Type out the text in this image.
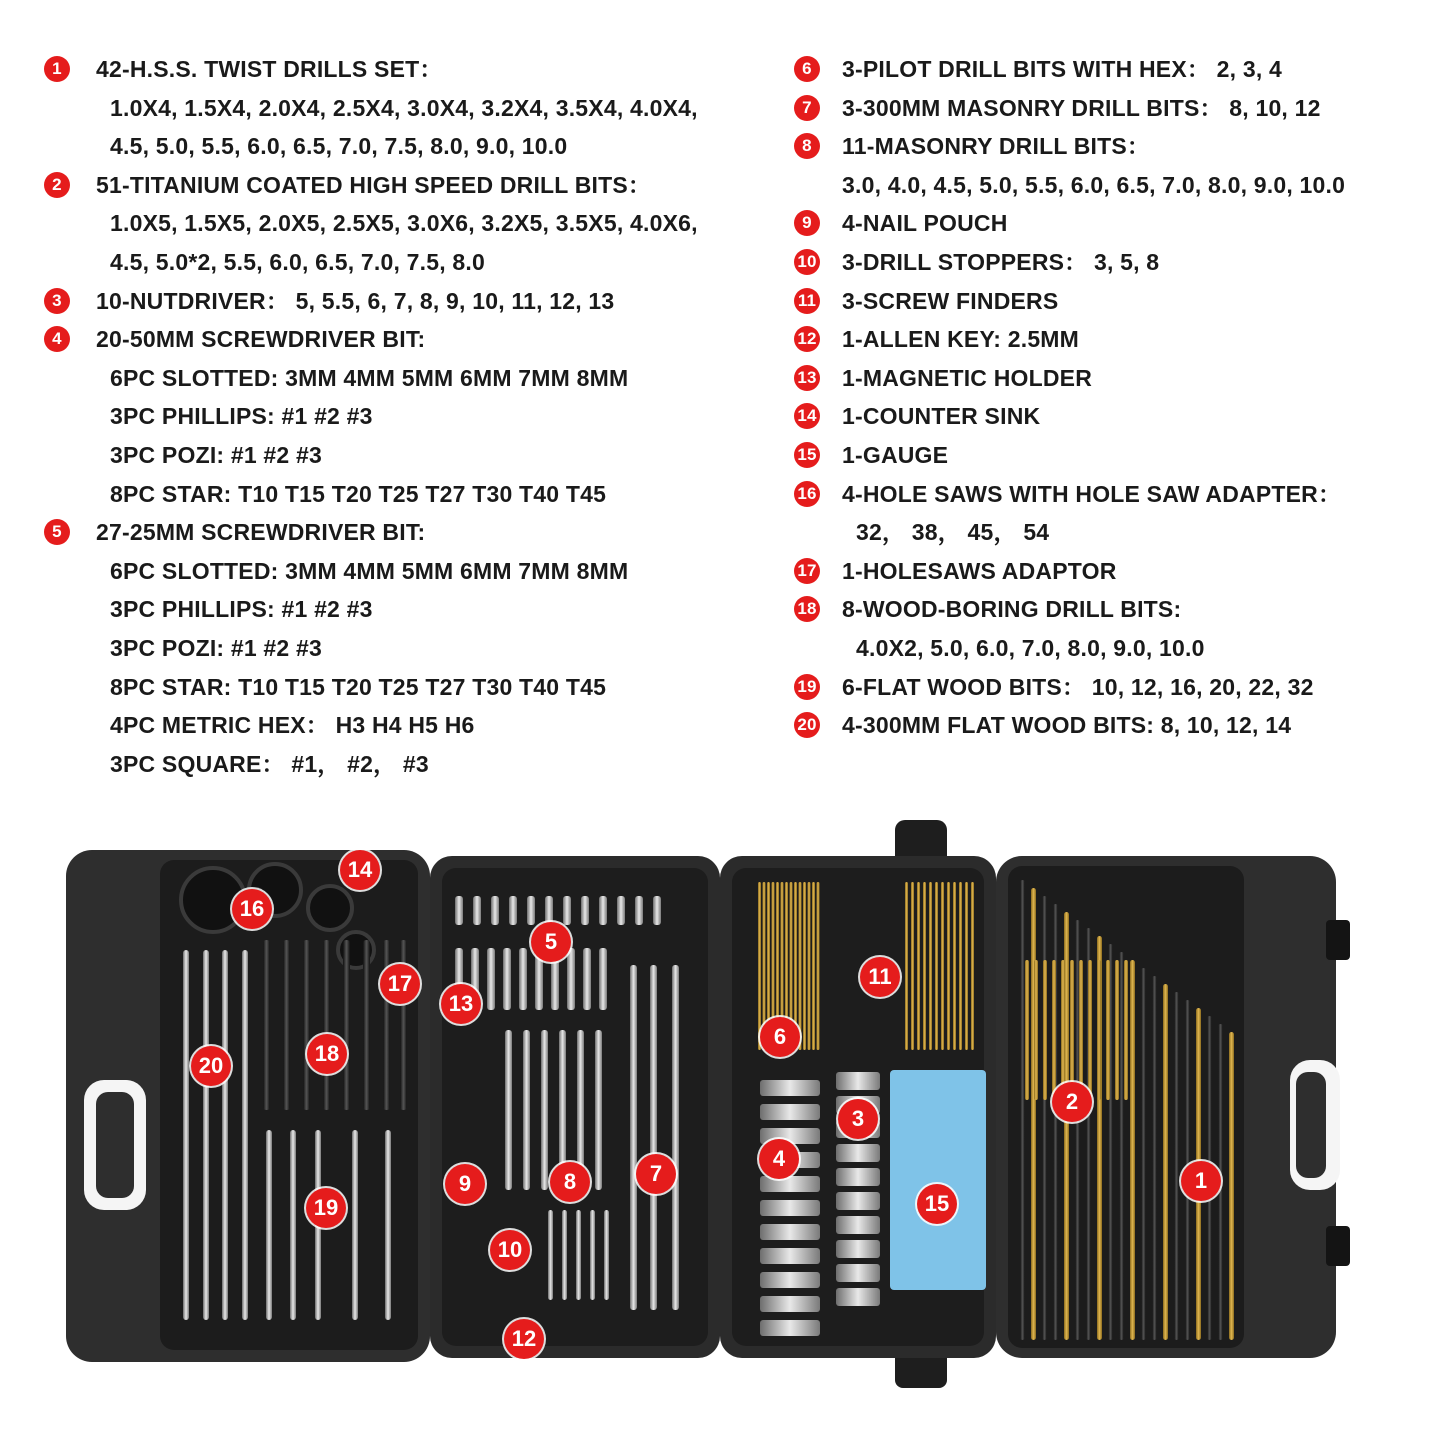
1	42-H.S.S. TWIST DRILLS SET：
1.0X4, 1.5X4, 2.0X4, 2.5X4, 3.0X4, 3.2X4, 3.5X4, 4.0X4,
4.5, 5.0, 5.5, 6.0, 6.5, 7.0, 7.5, 8.0, 9.0, 10.0
2	51-TITANIUM COATED HIGH SPEED DRILL BITS：
1.0X5, 1.5X5, 2.0X5, 2.5X5, 3.0X6, 3.2X5, 3.5X5, 4.0X6,
4.5, 5.0*2, 5.5, 6.0, 6.5, 7.0, 7.5, 8.0
3	10-NUTDRIVER： 5, 5.5, 6, 7, 8, 9, 10, 11, 12, 13
4	20-50MM SCREWDRIVER BIT:
6PC SLOTTED: 3MM 4MM 5MM 6MM 7MM 8MM
3PC PHILLIPS: #1 #2 #3
3PC POZI: #1 #2 #3
8PC STAR: T10 T15 T20 T25 T27 T30 T40 T45
5	27-25MM SCREWDRIVER BIT:
6PC SLOTTED: 3MM 4MM 5MM 6MM 7MM 8MM
3PC PHILLIPS: #1 #2 #3
3PC POZI: #1 #2 #3
8PC STAR: T10 T15 T20 T25 T27 T30 T40 T45
4PC METRIC HEX： H3 H4 H5 H6
3PC SQUARE： #1， #2， #3
6	3-PILOT DRILL BITS WITH HEX： 2, 3, 4
7	3-300MM MASONRY DRILL BITS： 8, 10, 12
8	11-MASONRY DRILL BITS：
3.0, 4.0, 4.5, 5.0, 5.5, 6.0, 6.5, 7.0, 8.0, 9.0, 10.0
9	4-NAIL POUCH
10 3-DRILL STOPPERS： 3, 5, 8
11 3-SCREW FINDERS
12 1-ALLEN KEY: 2.5MM
13 1-MAGNETIC HOLDER
14 1-COUNTER SINK
15 1-GAUGE
16 4-HOLE SAWS WITH HOLE SAW ADAPTER：
32， 38， 45， 54
17 1-HOLESAWS ADAPTOR
18 8-WOOD-BORING DRILL BITS:
4.0X2, 5.0, 6.0, 7.0, 8.0, 9.0, 10.0
19 6-FLAT WOOD BITS： 10, 12, 16, 20, 22, 32
20 4-300MM FLAT WOOD BITS: 8, 10, 12, 14
14
16
5
11
17
13
18
20
6
2
3
4
1
19
9	8	7
15
10
12
